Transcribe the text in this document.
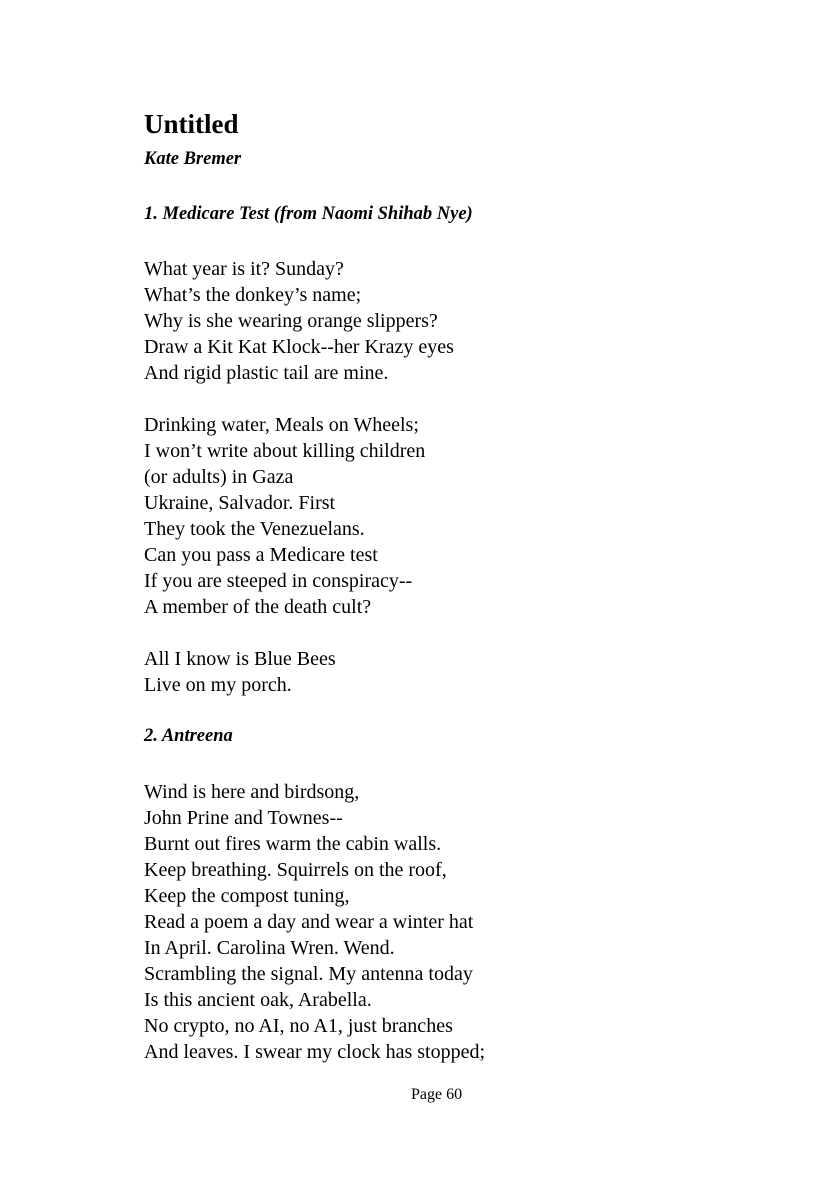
Untitled
Kate Bremer
1. Medicare Test (from Naomi Shihab Nye)
What year is it? Sunday?
What’s the donkey’s name;
Why is she wearing orange slippers?
Draw a Kit Kat Klock--her Krazy eyes
And rigid plastic tail are mine.
Drinking water, Meals on Wheels;
I won’t write about killing children
(or adults) in Gaza
Ukraine, Salvador. First
They took the Venezuelans.
Can you pass a Medicare test
If you are steeped in conspiracy--
A member of the death cult?
All I know is Blue Bees
Live on my porch.
2. Antreena
Wind is here and birdsong,
John Prine and Townes--
Burnt out fires warm the cabin walls.
Keep breathing. Squirrels on the roof,
Keep the compost tuning,
Read a poem a day and wear a winter hat
In April. Carolina Wren. Wend.
Scrambling the signal. My antenna today
Is this ancient oak, Arabella.
No crypto, no AI, no A1, just branches
And leaves. I swear my clock has stopped;
Page 60
